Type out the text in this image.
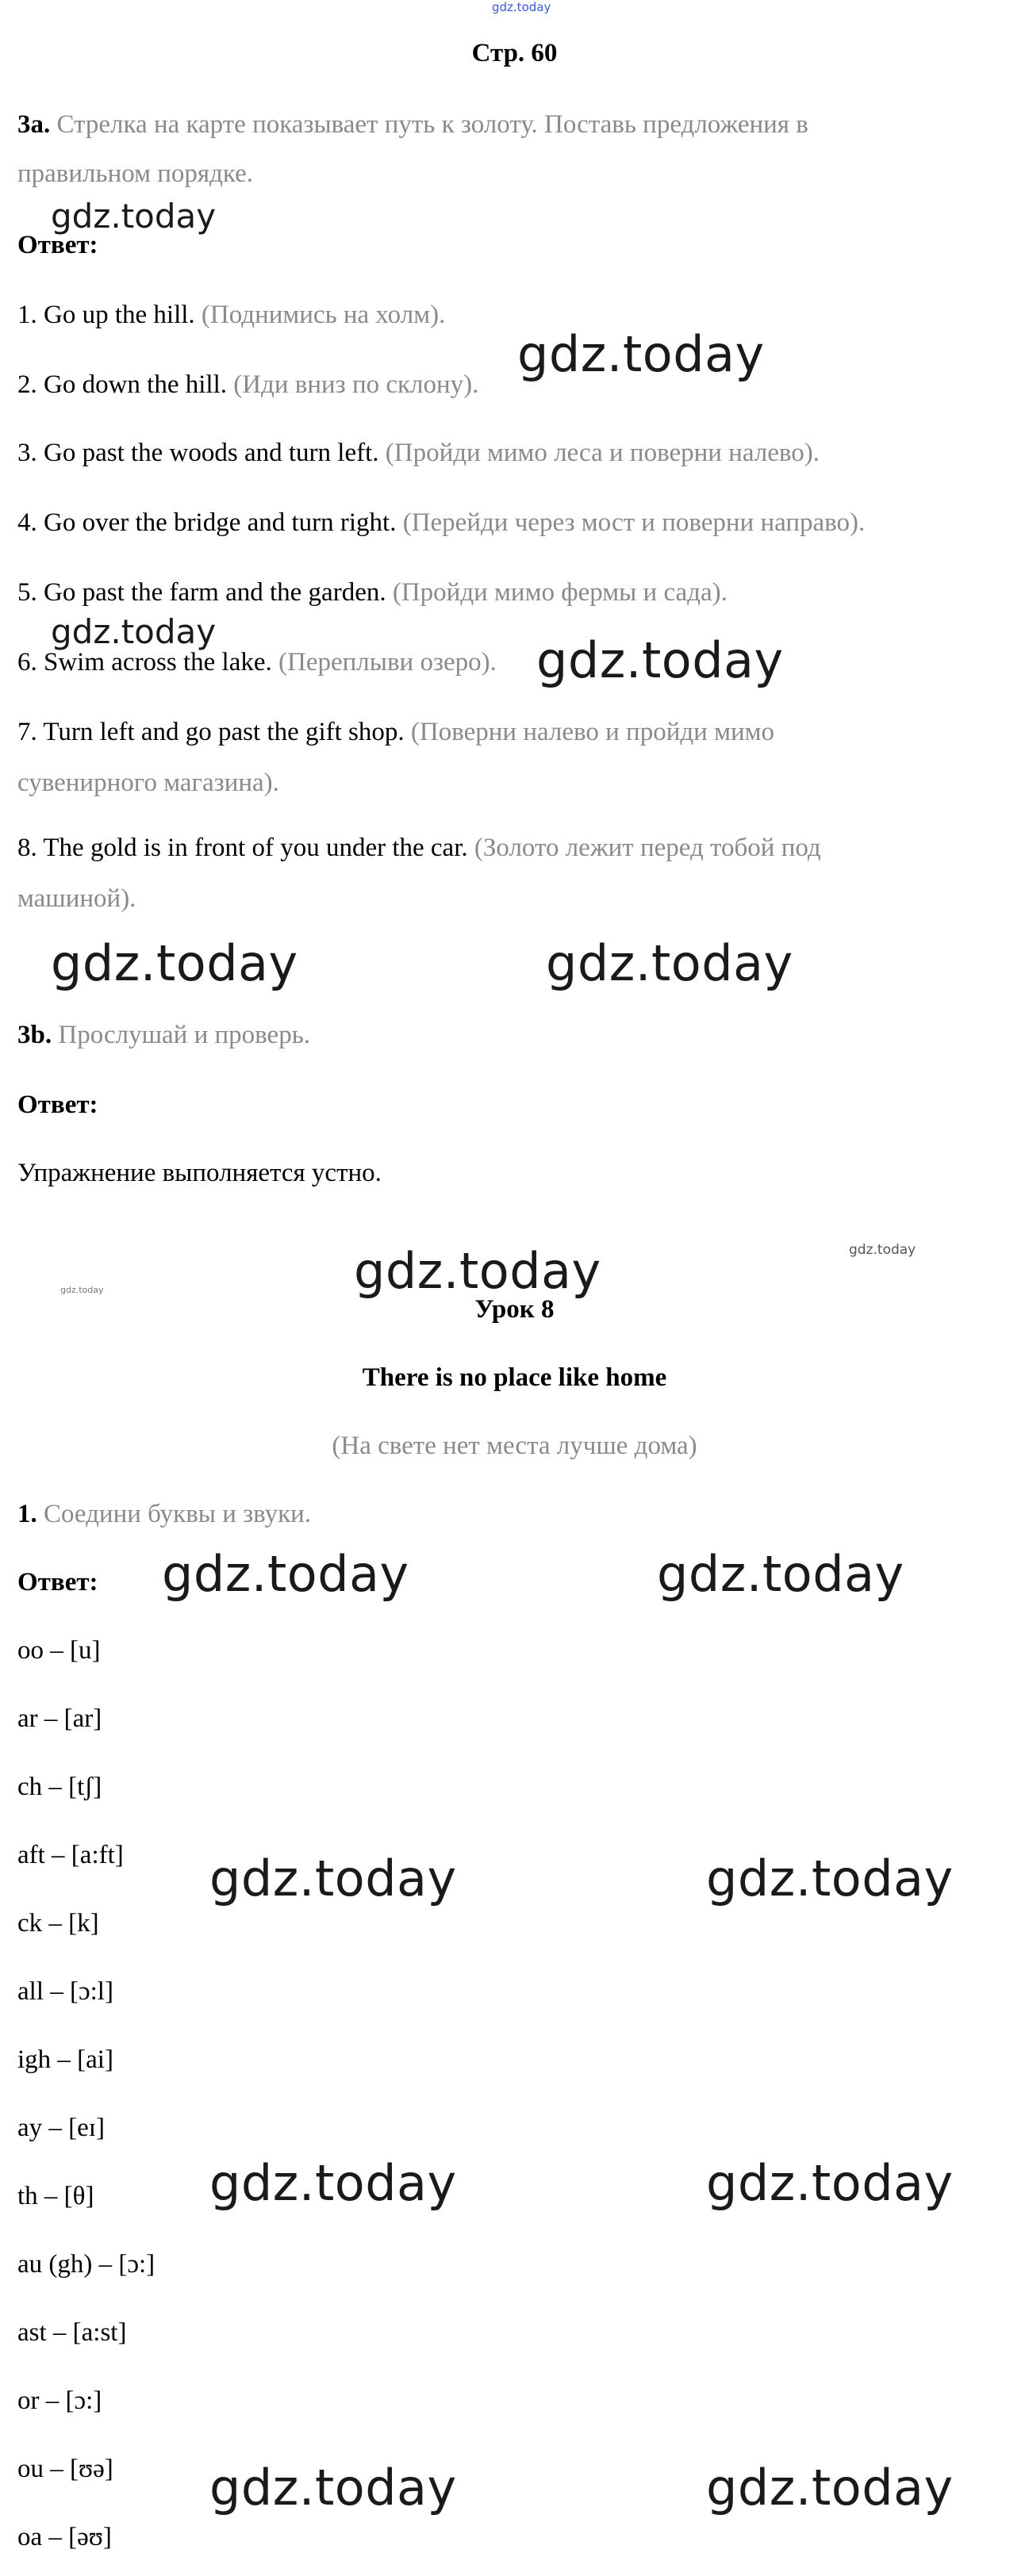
gdz.today
Стр. 60
3a. Стрелка на карте показывает путь к золоту. Поставь предложения в
правильном порядке.
gdz.today
Ответ:
1. Go up the hill. (Поднимись на холм).
gdz.today
2. Go down the hill. (Иди вниз по склону).
3. Go past the woods and turn left. (Пройди мимо леса и поверни налево).
4. Go over the bridge and turn right. (Перейди через мост и поверни направо).
5. Go past the farm and the garden. (Пройди мимо фермы и сада).
gdz.today
6. Swim across the lake. (Переплыви озеро). gdz.today
7. Turn left and go past the gift shop. (Поверни налево и пройди мимо
сувенирного магазина).
8. The gold is in front of you under the car. (Золото лежит перед тобой под
машиной).
gdz.today	gdz.today
3b. Прослушай и проверь.
Ответ:
Упражнение выполняется устно.
gdz.today
gdz.today	gdz.today
Урок 8
There is no place like home
(На свете нет места лучше дома)
1. Соедини буквы и звуки.
Ответ: gdz.today	gdz.today
oo – [u]
ar – [ar]
ch – [tʃ]
aft – [a:ft] gdz.today	gdz.today
ck – [k]
all – [ɔ:l]
igh – [ai]
ay – [eɪ]
th – [θ] gdz.today	gdz.today
au (gh) – [ɔ:]
ast – [a:st]
or – [ɔ:]
ou – [ʊə] gdz.today	gdz.today
oa – [əʊ]
